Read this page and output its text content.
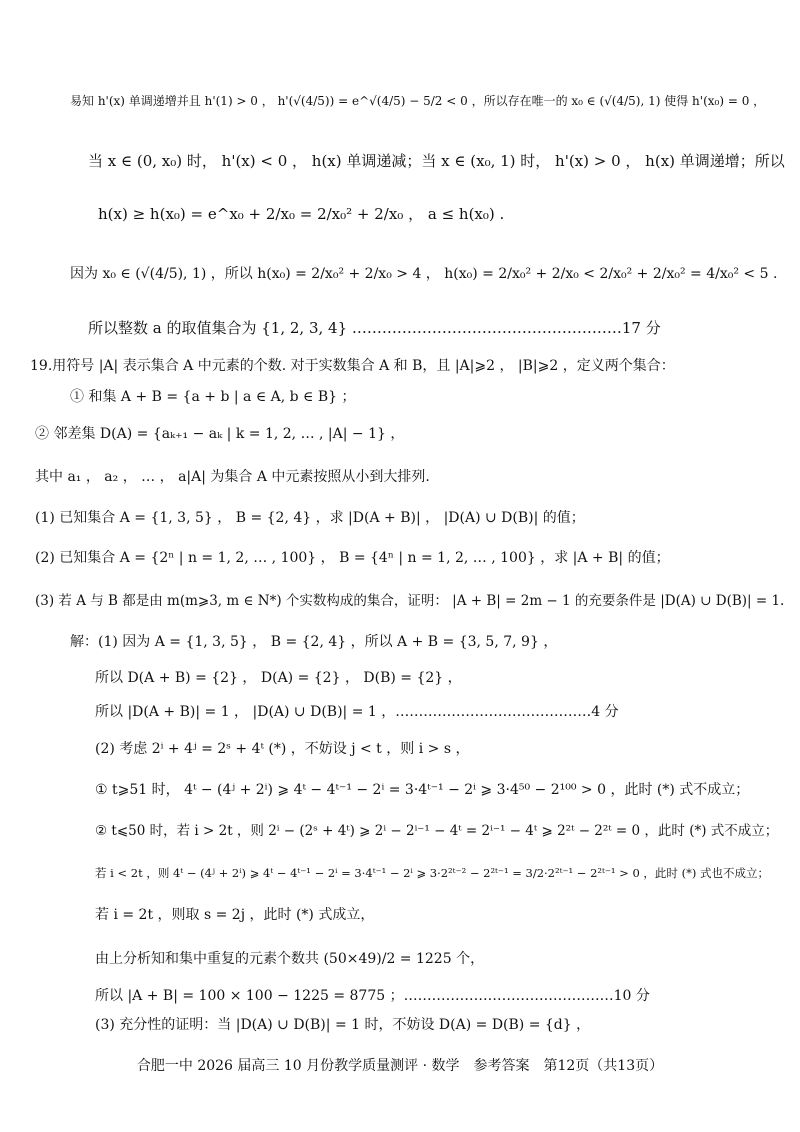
易知 h'(x) 单调递增并且 h'(1) > 0 ， h'(√(4/5)) = e^√(4/5) − 5/2 < 0 ，所以存在唯一的 x₀ ∈ (√(4/5), 1) 使得 h'(x₀) = 0 ，
当 x ∈ (0, x₀) 时， h'(x) < 0 ， h(x) 单调递减；当 x ∈ (x₀, 1) 时， h'(x) > 0 ， h(x) 单调递增；所以
h(x) ≥ h(x₀) = e^x₀ + 2/x₀ = 2/x₀² + 2/x₀ ， a ≤ h(x₀) .
因为 x₀ ∈ (√(4/5), 1) ，所以 h(x₀) = 2/x₀² + 2/x₀ > 4 ， h(x₀) = 2/x₀² + 2/x₀ < 2/x₀² + 2/x₀² = 4/x₀² < 5 .
所以整数 a 的取值集合为 {1, 2, 3, 4} ………………………………………………17 分
19.用符号 |A| 表示集合 A 中元素的个数. 对于实数集合 A 和 B，且 |A|⩾2 ， |B|⩾2 ，定义两个集合：
① 和集 A + B = {a + b | a ∈ A, b ∈ B} ；
② 邻差集 D(A) = {aₖ₊₁ − aₖ | k = 1, 2, … , |A| − 1} ，
其中 a₁ ， a₂ ， … ， a|A| 为集合 A 中元素按照从小到大排列.
(1) 已知集合 A = {1, 3, 5} ， B = {2, 4} ，求 |D(A + B)| ， |D(A) ∪ D(B)| 的值；
(2) 已知集合 A = {2ⁿ | n = 1, 2, … , 100} ， B = {4ⁿ | n = 1, 2, … , 100} ，求 |A + B| 的值；
(3) 若 A 与 B 都是由 m(m⩾3, m ∈ N*) 个实数构成的集合，证明： |A + B| = 2m − 1 的充要条件是 |D(A) ∪ D(B)| = 1.
解：(1) 因为 A = {1, 3, 5} ， B = {2, 4} ，所以 A + B = {3, 5, 7, 9} ，
所以 D(A + B) = {2} ， D(A) = {2} ， D(B) = {2} ，
所以 |D(A + B)| = 1 ， |D(A) ∪ D(B)| = 1 ，……………………………………4 分
(2) 考虑 2ⁱ + 4ʲ = 2ˢ + 4ᵗ (*) ，不妨设 j < t ，则 i > s ，
① t⩾51 时， 4ᵗ − (4ʲ + 2ⁱ) ⩾ 4ᵗ − 4ᵗ⁻¹ − 2ⁱ = 3·4ᵗ⁻¹ − 2ⁱ ⩾ 3·4⁵⁰ − 2¹⁰⁰ > 0 ，此时 (*) 式不成立；
② t⩽50 时，若 i > 2t ，则 2ⁱ − (2ˢ + 4ᵗ) ⩾ 2ⁱ − 2ⁱ⁻¹ − 4ᵗ = 2ⁱ⁻¹ − 4ᵗ ⩾ 2²ᵗ − 2²ᵗ = 0 ，此时 (*) 式不成立；
若 i < 2t ，则 4ᵗ − (4ʲ + 2ⁱ) ⩾ 4ᵗ − 4ᵗ⁻¹ − 2ⁱ = 3·4ᵗ⁻¹ − 2ⁱ ⩾ 3·2²ᵗ⁻² − 2²ᵗ⁻¹ = 3/2·2²ᵗ⁻¹ − 2²ᵗ⁻¹ > 0 ，此时 (*) 式也不成立；
若 i = 2t ，则取 s = 2j ，此时 (*) 式成立，
由上分析知和集中重复的元素个数共 (50×49)/2 = 1225 个，
所以 |A + B| = 100 × 100 − 1225 = 8775 ；………………………………………10 分
(3) 充分性的证明：当 |D(A) ∪ D(B)| = 1 时，不妨设 D(A) = D(B) = {d} ，
合肥一中 2026 届高三 10 月份教学质量测评 · 数学　参考答案　第12页（共13页）
